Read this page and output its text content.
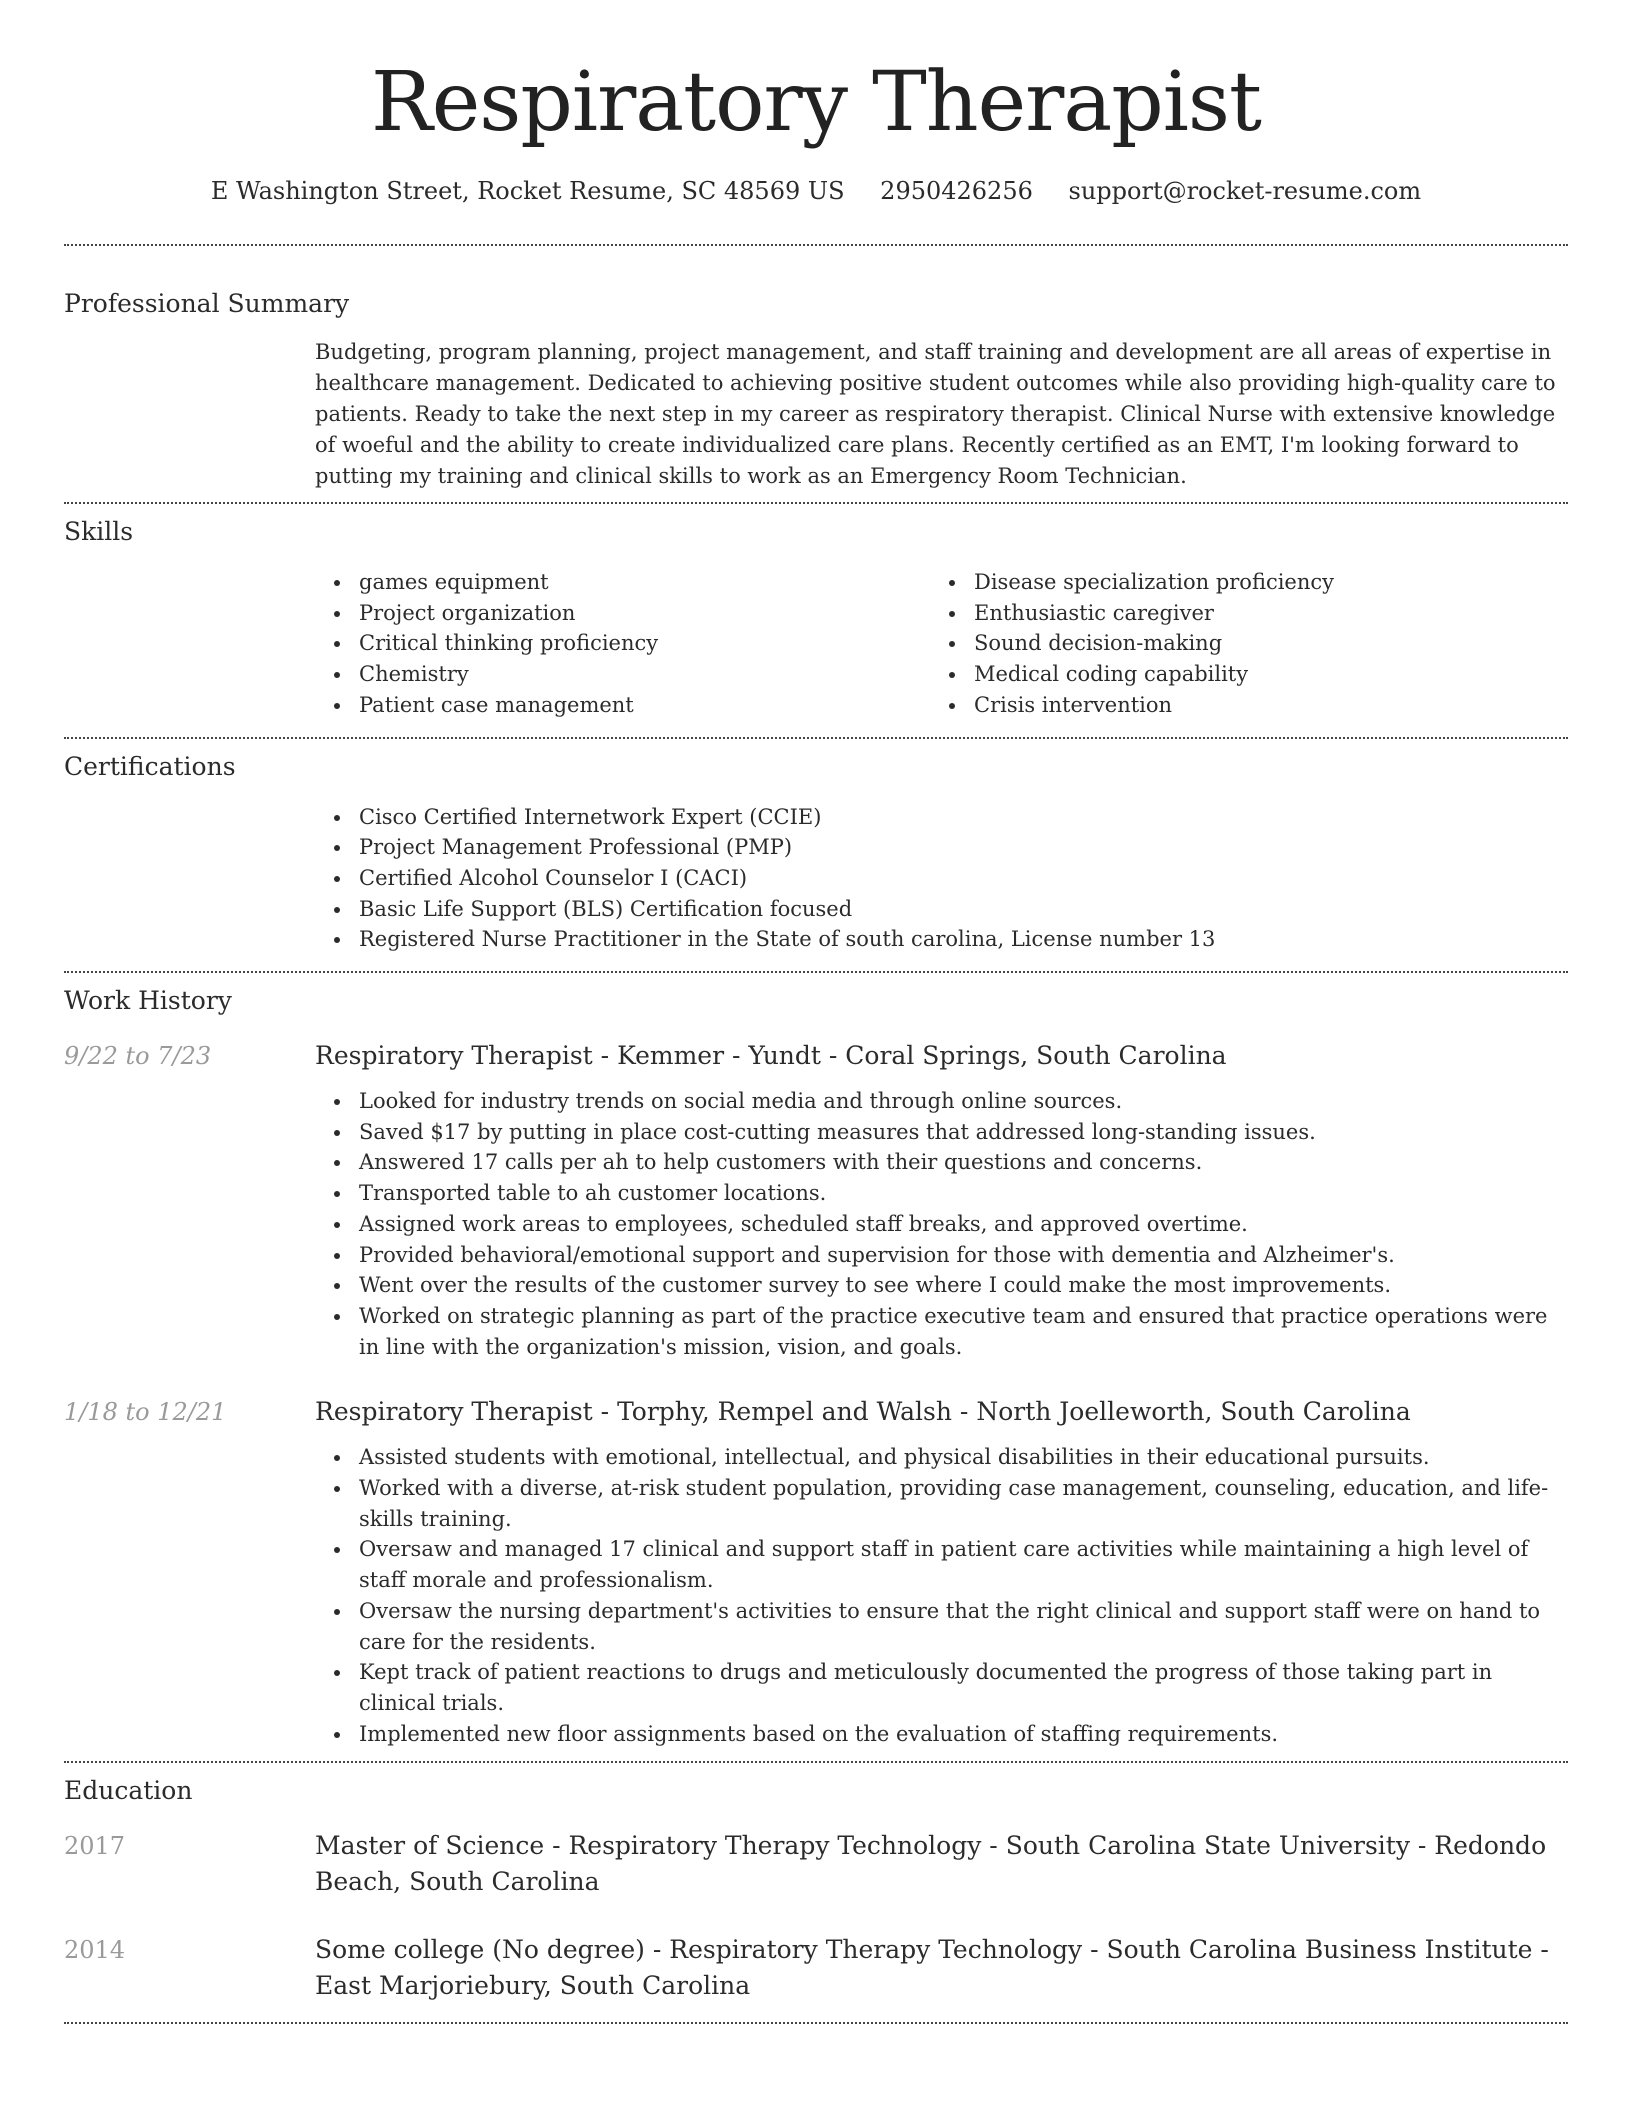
Respiratory Therapist
E Washington Street, Rocket Resume, SC 48569 US 2950426256 support@rocket-resume.com
Professional Summary

Budgeting, program planning, project management, and staff training and development are all areas of expertise in healthcare management. Dedicated to achieving positive student outcomes while also providing high-quality care to patients. Ready to take the next step in my career as respiratory therapist. Clinical Nurse with extensive knowledge of woeful and the ability to create individualized care plans. Recently certified as an EMT, I'm looking forward to putting my training and clinical skills to work as an Emergency Room Technician.

Skills
games equipment
Project organization
Critical thinking proficiency
Chemistry
Patient case management
Disease specialization proficiency
Enthusiastic caregiver
Sound decision-making
Medical coding capability
Crisis intervention
Certifications
Cisco Certified Internetwork Expert (CCIE)
Project Management Professional (PMP)
Certified Alcohol Counselor I (CACI)
Basic Life Support (BLS) Certification focused
Registered Nurse Practitioner in the State of south carolina, License number 13
Work History
9/22 to 7/23	Respiratory Therapist - Kemmer - Yundt - Coral Springs, South Carolina
Looked for industry trends on social media and through online sources.
Saved $17 by putting in place cost-cutting measures that addressed long-standing issues.
Answered 17 calls per ah to help customers with their questions and concerns.
Transported table to ah customer locations.
Assigned work areas to employees, scheduled staff breaks, and approved overtime.
Provided behavioral/emotional support and supervision for those with dementia and Alzheimer's.
Went over the results of the customer survey to see where I could make the most improvements.
Worked on strategic planning as part of the practice executive team and ensured that practice operations were in line with the organization's mission, vision, and goals.
1/18 to 12/21	Respiratory Therapist - Torphy, Rempel and Walsh - North Joelleworth, South Carolina
Assisted students with emotional, intellectual, and physical disabilities in their educational pursuits.
Worked with a diverse, at-risk student population, providing case management, counseling, education, and life-skills training.
Oversaw and managed 17 clinical and support staff in patient care activities while maintaining a high level of staff morale and professionalism.
Oversaw the nursing department's activities to ensure that the right clinical and support staff were on hand to care for the residents.
Kept track of patient reactions to drugs and meticulously documented the progress of those taking part in clinical trials.
Implemented new floor assignments based on the evaluation of staffing requirements.
Education
2017	Master of Science - Respiratory Therapy Technology - South Carolina State University - Redondo Beach, South Carolina
2014	Some college (No degree) - Respiratory Therapy Technology - South Carolina Business Institute - East Marjoriebury, South Carolina
